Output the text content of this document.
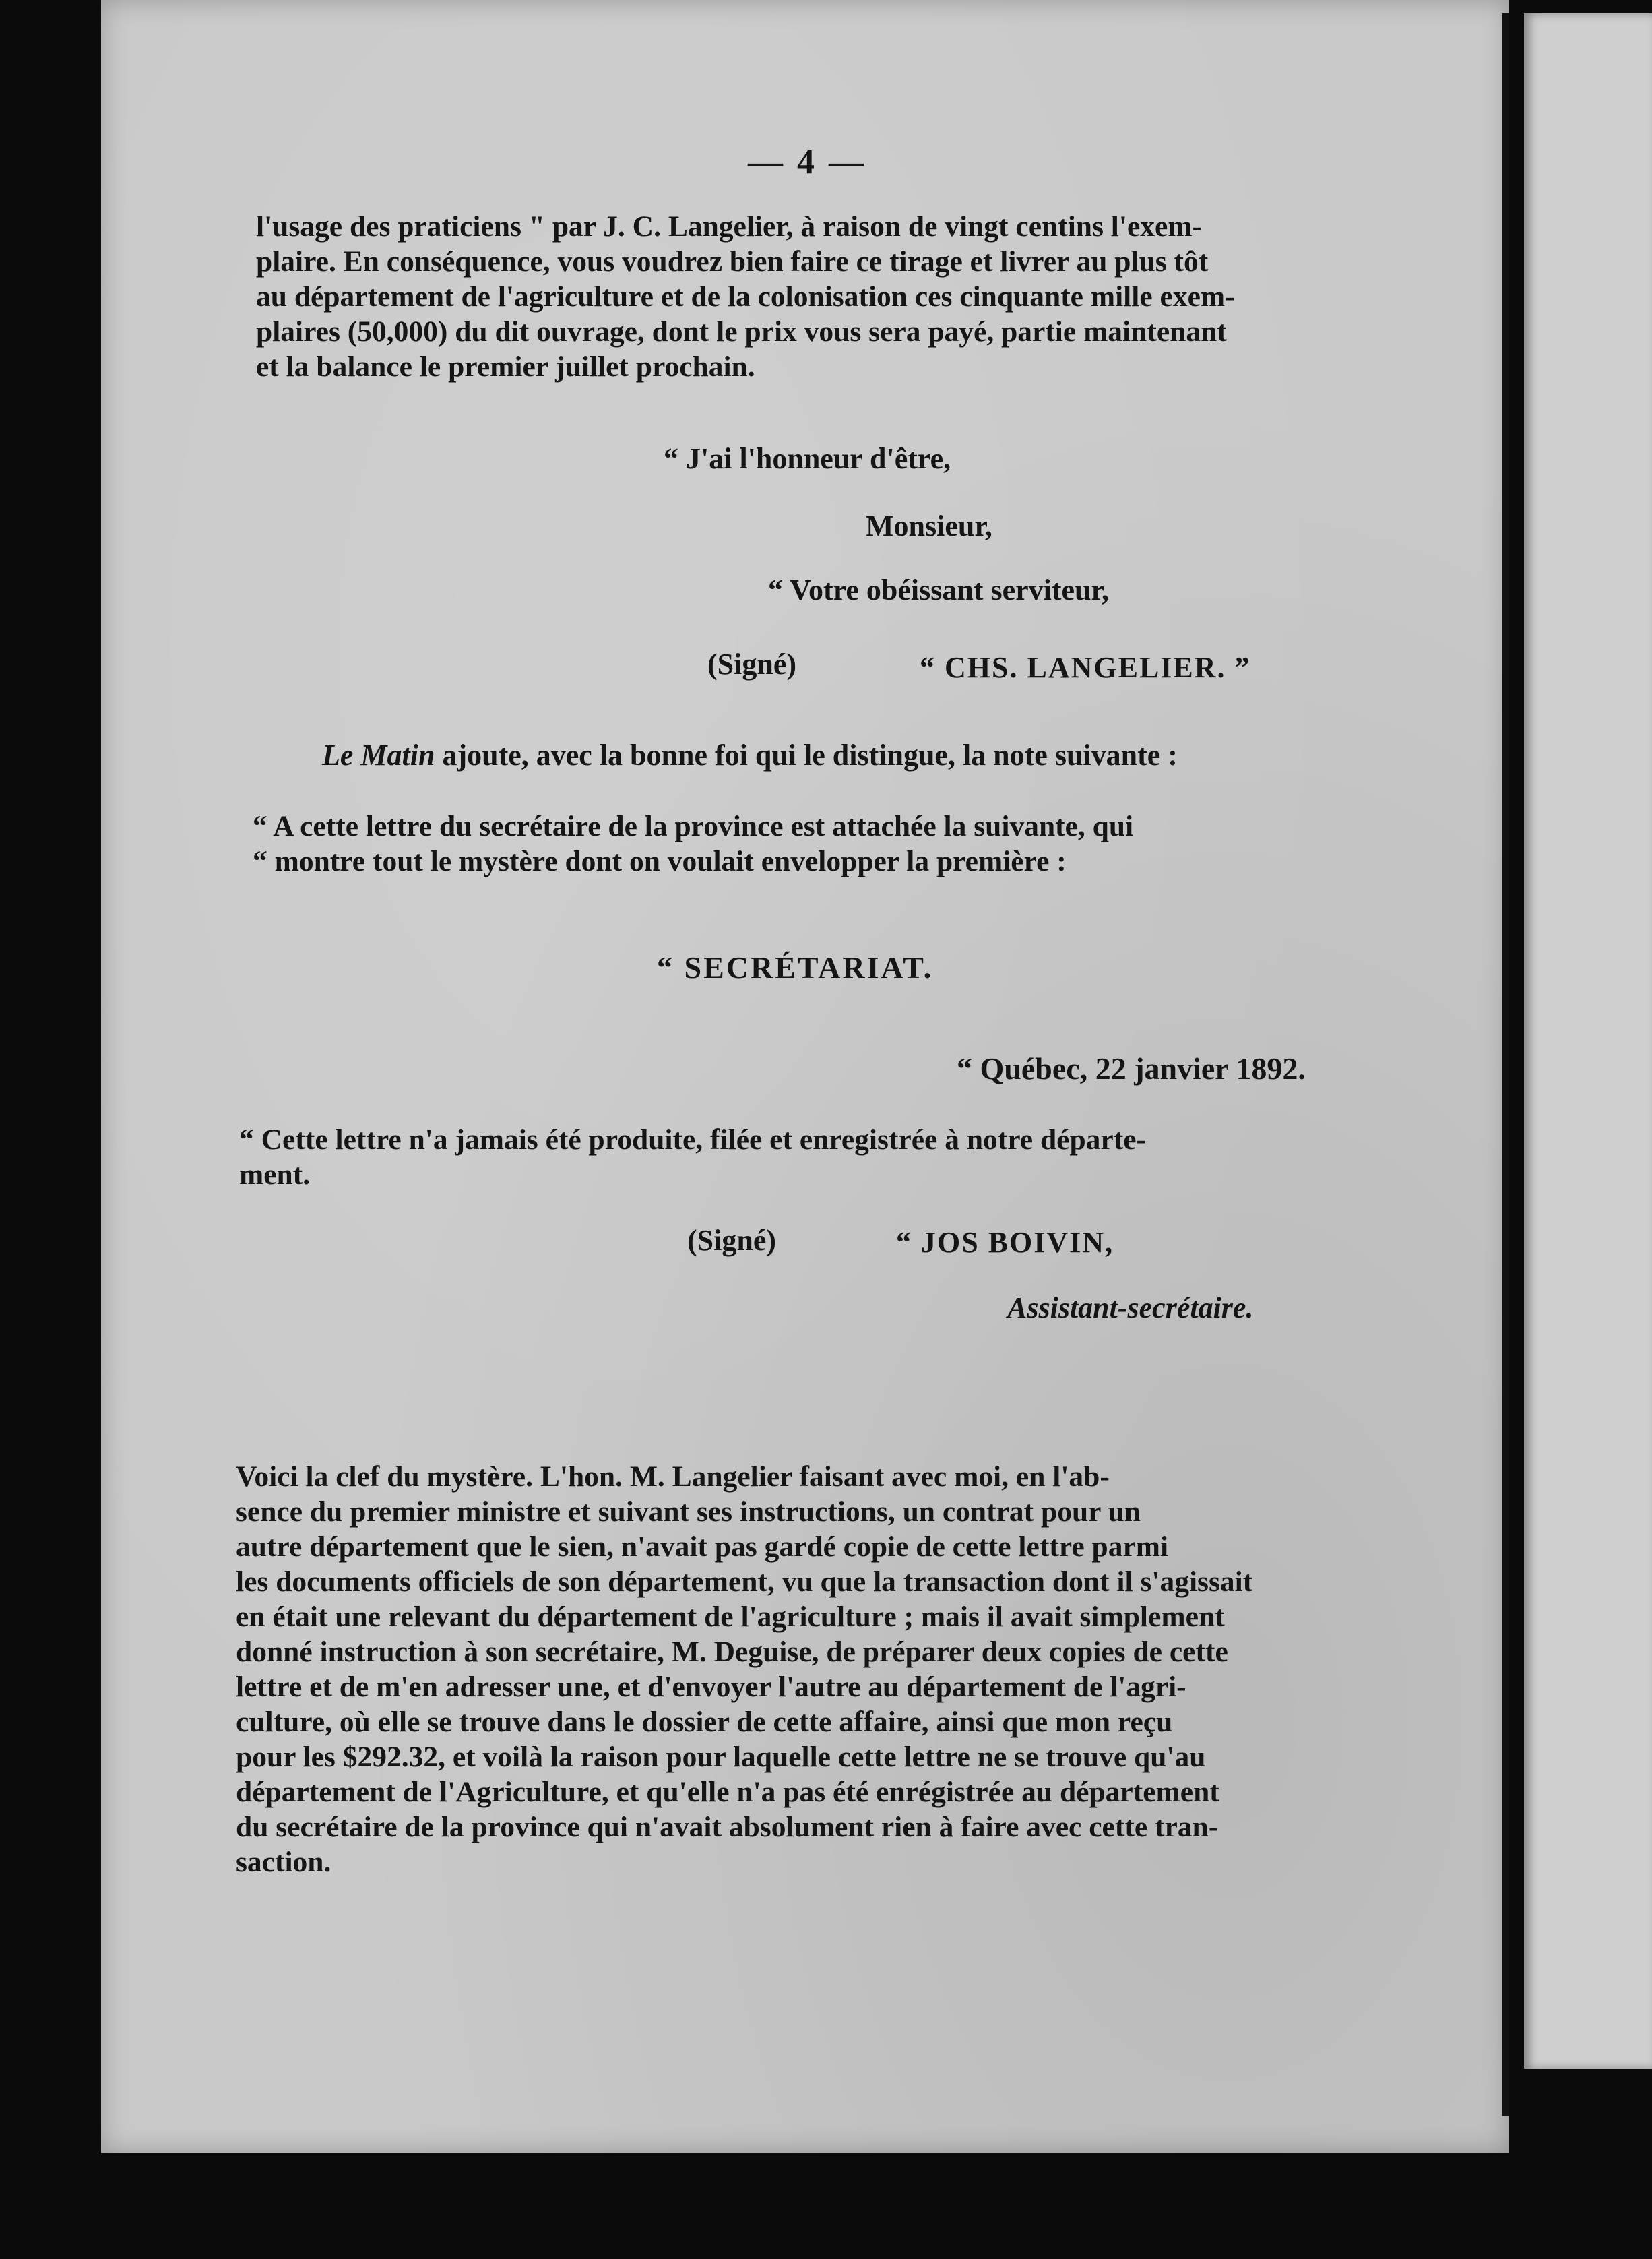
— 4 —
l'usage des praticiens " par J. C. Langelier, à raison de vingt centins l'exem-
plaire. En conséquence, vous voudrez bien faire ce tirage et livrer au plus tôt
au département de l'agriculture et de la colonisation ces cinquante mille exem-
plaires (50,000) du dit ouvrage, dont le prix vous sera payé, partie maintenant
et la balance le premier juillet prochain.
“ J'ai l'honneur d'être,
Monsieur,
“ Votre obéissant serviteur,
(Signé)	“ CHS. LANGELIER. ”
Le Matin ajoute, avec la bonne foi qui le distingue, la note suivante :
“ A cette lettre du secrétaire de la province est attachée la suivante, qui
“ montre tout le mystère dont on voulait envelopper la première :
“ SECRÉTARIAT.
“ Québec, 22 janvier 1892.
“ Cette lettre n'a jamais été produite, filée et enregistrée à notre départe-
ment.
(Signé)	“ JOS BOIVIN,
Assistant-secrétaire.
Voici la clef du mystère. L'hon. M. Langelier faisant avec moi, en l'ab-
sence du premier ministre et suivant ses instructions, un contrat pour un
autre département que le sien, n'avait pas gardé copie de cette lettre parmi
les documents officiels de son département, vu que la transaction dont il s'agissait
en était une relevant du département de l'agriculture ; mais il avait simplement
donné instruction à son secrétaire, M. Deguise, de préparer deux copies de cette
lettre et de m'en adresser une, et d'envoyer l'autre au département de l'agri-
culture, où elle se trouve dans le dossier de cette affaire, ainsi que mon reçu
pour les $292.32, et voilà la raison pour laquelle cette lettre ne se trouve qu'au
département de l'Agriculture, et qu'elle n'a pas été enrégistrée au département
du secrétaire de la province qui n'avait absolument rien à faire avec cette tran-
saction.
